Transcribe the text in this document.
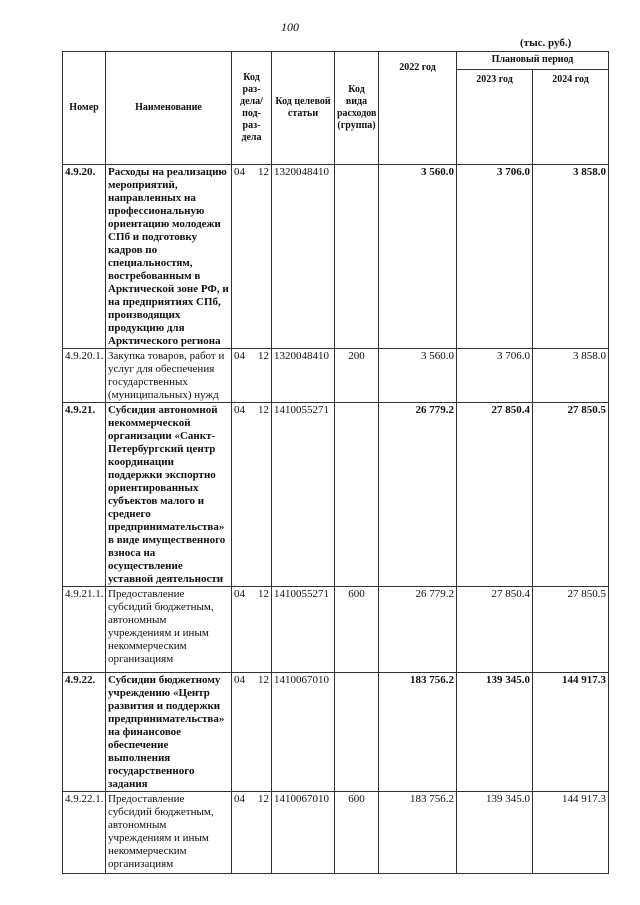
100
(тыс. руб.)
Номер	Наименование	Код раз- дела/ под- раз- дела	Код целевой статьи	Код вида расходов (группа)	2022 год	Плановый период	
						2023 год	2024 год
4.9.20.	Расходы на реализацию мероприятий, направленных на профессиональную ориентацию молодежи СПб и подготовку кадров по специальностям, востребованным в Арктической зоне РФ, и на предприятиях СПб, производящих продукцию для Арктического региона	04 12	1320048410		3 560.0	3 706.0	3 858.0
4.9.20.1.	Закупка товаров, работ и услуг для обеспечения государственных (муниципальных) нужд	04 12	1320048410	200	3 560.0	3 706.0	3 858.0
4.9.21.	Субсидия автономной некоммерческой организации «Санкт-Петербургский центр координации поддержки экспортно ориентированных субъектов малого и среднего предпринимательства» в виде имущественного взноса на осуществление уставной деятельности	04 12	1410055271		26 779.2	27 850.4	27 850.5
4.9.21.1.	Предоставление субсидий бюджетным, автономным учреждениям и иным некоммерческим организациям	04 12	1410055271	600	26 779.2	27 850.4	27 850.5
4.9.22.	Субсидии бюджетному учреждению «Центр развития и поддержки предпринимательства» на финансовое обеспечение выполнения государственного задания	04 12	1410067010		183 756.2	139 345.0	144 917.3
4.9.22.1.	Предоставление субсидий бюджетным, автономным учреждениям и иным некоммерческим организациям	04 12	1410067010	600	183 756.2	139 345.0	144 917.3
